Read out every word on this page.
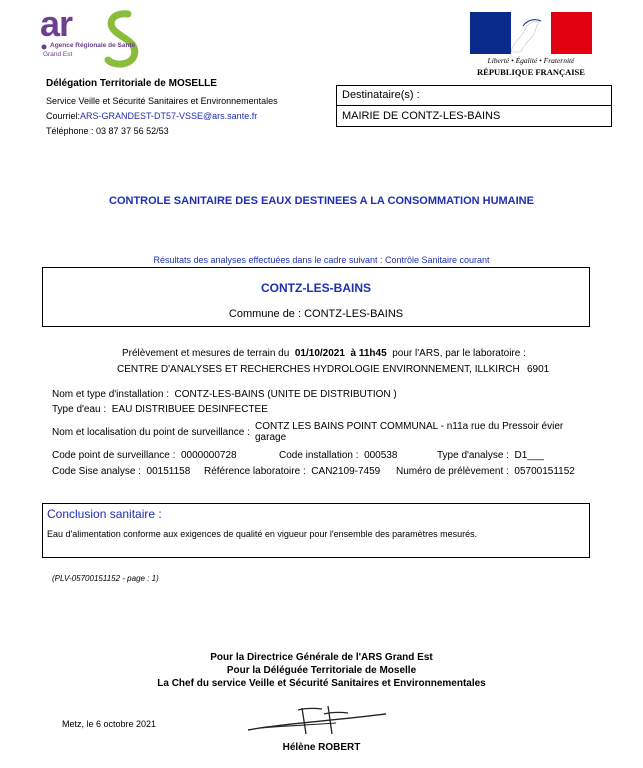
ar
Agence Régionale de Santé
Grand Est
Liberté • Égalité • Fraternité
RÉPUBLIQUE FRANÇAISE
Délégation Territoriale de MOSELLE
Service Veille et Sécurité Sanitaires et Environnementales
Courriel:ARS-GRANDEST-DT57-VSSE@ars.sante.fr
Téléphone : 03 87 37 56 52/53
Destinataire(s) :
MAIRIE DE CONTZ-LES-BAINS
CONTROLE SANITAIRE DES EAUX DESTINEES A LA CONSOMMATION HUMAINE
Résultats des analyses effectuées dans le cadre suivant : Contrôle Sanitaire courant
CONTZ-LES-BAINS
Commune de : CONTZ-LES-BAINS
Prélèvement et mesures de terrain du 01/10/2021 à 11h45 pour l'ARS, par le laboratoire :
CENTRE D'ANALYSES ET RECHERCHES HYDROLOGIE ENVIRONNEMENT, ILLKIRCH 6901
Nom et type d'installation : CONTZ-LES-BAINS (UNITE DE DISTRIBUTION )
Type d'eau : EAU DISTRIBUEE DESINFECTEE
Nom et localisation du point de surveillance :
CONTZ LES BAINS POINT COMMUNAL - n11a rue du Pressoir évier
garage
Code point de surveillance : 0000000728	Code installation : 000538	Type d'analyse : D1___
Code Sise analyse : 00151158 Référence laboratoire : CAN2109-7459 Numéro de prélèvement : 05700151152
Conclusion sanitaire :
Eau d'alimentation conforme aux exigences de qualité en vigueur pour l'ensemble des paramètres mesurés.
(PLV-05700151152 - page : 1)
Pour la Directrice Générale de l'ARS Grand Est
Pour la Déléguée Territoriale de Moselle
La Chef du service Veille et Sécurité Sanitaires et Environnementales
Metz, le 6 octobre 2021
Hélène ROBERT
